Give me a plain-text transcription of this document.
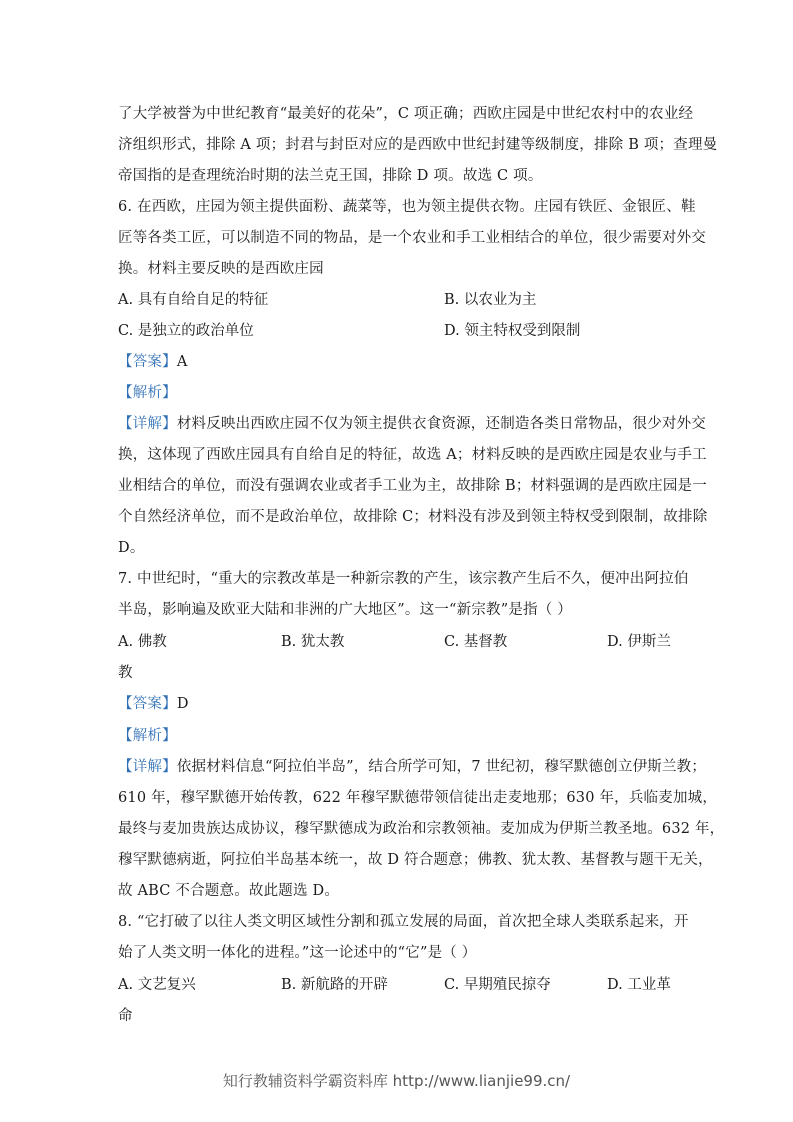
了大学被誉为中世纪教育“最美好的花朵”，C 项正确；西欧庄园是中世纪农村中的农业经
济组织形式，排除 A 项；封君与封臣对应的是西欧中世纪封建等级制度，排除 B 项；查理曼
帝国指的是查理统治时期的法兰克王国，排除 D 项。故选 C 项。
6. 在西欧，庄园为领主提供面粉、蔬菜等，也为领主提供衣物。庄园有铁匠、金银匠、鞋
匠等各类工匠，可以制造不同的物品，是一个农业和手工业相结合的单位，很少需要对外交
换。材料主要反映的是西欧庄园
A. 具有自给自足的特征	B. 以农业为主
C. 是独立的政治单位	D. 领主特权受到限制
【答案】A
【解析】
【详解】材料反映出西欧庄园不仅为领主提供衣食资源，还制造各类日常物品，很少对外交
换，这体现了西欧庄园具有自给自足的特征，故选 A；材料反映的是西欧庄园是农业与手工
业相结合的单位，而没有强调农业或者手工业为主，故排除 B；材料强调的是西欧庄园是一
个自然经济单位，而不是政治单位，故排除 C；材料没有涉及到领主特权受到限制，故排除
D。
7. 中世纪时，“重大的宗教改革是一种新宗教的产生，该宗教产生后不久，便冲出阿拉伯
半岛，影响遍及欧亚大陆和非洲的广大地区”。这一“新宗教”是指（ ）
A. 佛教	B. 犹太教	C. 基督教	D. 伊斯兰
教
【答案】D
【解析】
【详解】依据材料信息“阿拉伯半岛”，结合所学可知，7 世纪初，穆罕默德创立伊斯兰教；
610 年，穆罕默德开始传教，622 年穆罕默德带领信徒出走麦地那；630 年，兵临麦加城，
最终与麦加贵族达成协议，穆罕默德成为政治和宗教领袖。麦加成为伊斯兰教圣地。632 年，
穆罕默德病逝，阿拉伯半岛基本统一，故 D 符合题意；佛教、犹太教、基督教与题干无关，
故 ABC 不合题意。故此题选 D。
8. “它打破了以往人类文明区域性分割和孤立发展的局面，首次把全球人类联系起来，开
始了人类文明一体化的进程。”这一论述中的“它”是（ ）
A. 文艺复兴	B. 新航路的开辟	C. 早期殖民掠夺	D. 工业革
命
知行教辅资料学霸资料库 http://www.lianjie99.cn/
